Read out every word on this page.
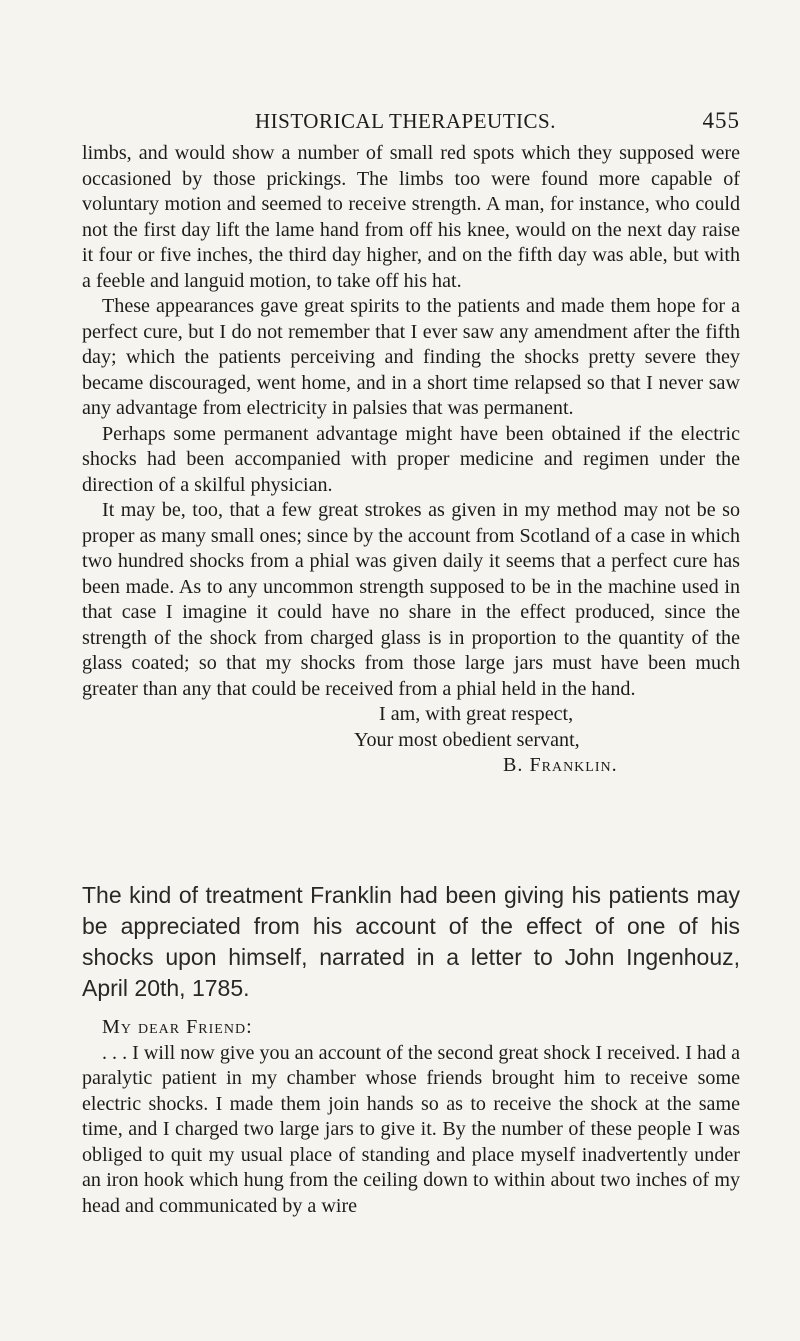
HISTORICAL THERAPEUTICS.	455

limbs, and would show a number of small red spots which they supposed were occasioned by those prickings. The limbs too were found more capable of voluntary motion and seemed to receive strength. A man, for instance, who could not the first day lift the lame hand from off his knee, would on the next day raise it four or five inches, the third day higher, and on the fifth day was able, but with a feeble and languid motion, to take off his hat.

These appearances gave great spirits to the patients and made them hope for a perfect cure, but I do not remember that I ever saw any amendment after the fifth day; which the patients perceiving and finding the shocks pretty severe they became discouraged, went home, and in a short time relapsed so that I never saw any advantage from electricity in palsies that was permanent.

Perhaps some permanent advantage might have been obtained if the electric shocks had been accompanied with proper medicine and regimen under the direction of a skilful physician.

It may be, too, that a few great strokes as given in my method may not be so proper as many small ones; since by the account from Scotland of a case in which two hundred shocks from a phial was given daily it seems that a perfect cure has been made. As to any uncommon strength supposed to be in the machine used in that case I imagine it could have no share in the effect produced, since the strength of the shock from charged glass is in proportion to the quantity of the glass coated; so that my shocks from those large jars must have been much greater than any that could be received from a phial held in the hand.

I am, with great respect,
Your most obedient servant,
B. Franklin.

The kind of treatment Franklin had been giving his patients may be appreciated from his account of the effect of one of his shocks upon himself, narrated in a letter to John Ingenhouz, April 20th, 1785.

My dear Friend:

. . . I will now give you an account of the second great shock I received. I had a paralytic patient in my chamber whose friends brought him to receive some electric shocks. I made them join hands so as to receive the shock at the same time, and I charged two large jars to give it. By the number of these people I was obliged to quit my usual place of standing and place myself inadvertently under an iron hook which hung from the ceiling down to within about two inches of my head and communicated by a wire
